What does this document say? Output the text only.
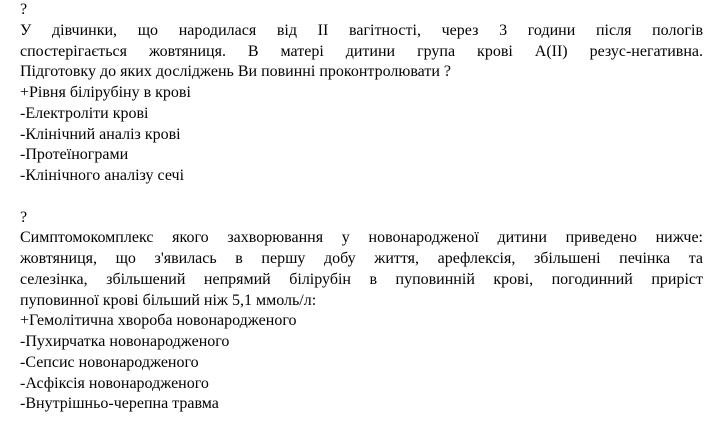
?
У дівчинки, що народилася від II вагітності, через 3 години після пологів
спостерігається жовтяниця. В матері дитини група крові А(II) резус-негативна.
Підготовку до яких досліджень Ви повинні проконтролювати ?
+Рівня білірубіну в крові
-Електроліти крові
-Клінічний аналіз крові
-Протеїнограми
-Клінічного аналізу сечі
?
Симптомокомплекс якого захворювання у новонародженої дитини приведено нижче:
жовтяниця, що з'явилась в першу добу життя, арефлексія, збільшені печінка та
селезінка, збільшений непрямий білірубін в пуповинній крові, погодинний приріст
пуповинної крові більший ніж 5,1 ммоль/л:
+Гемолітична хвороба новонародженого
-Пухирчатка новонародженого
-Сепсис новонародженого
-Асфіксія новонародженого
-Внутрішньо-черепна травма
